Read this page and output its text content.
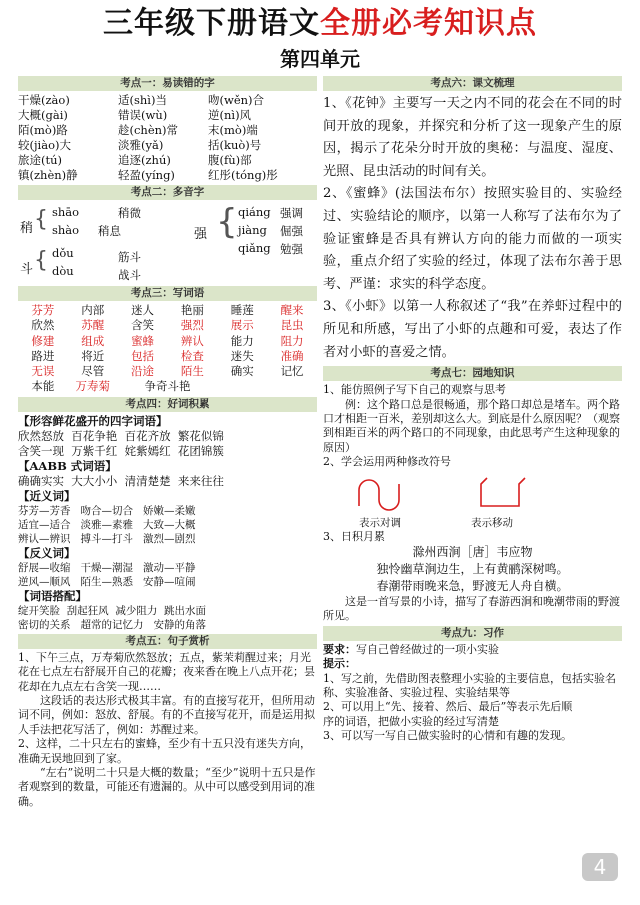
三年级下册语文全册必考知识点
第四单元
考点一：易读错的字
干燥(zào)	适(shì)当	吻(wěn)合
大概(gài)	错误(wù)	逆(nì)风
陌(mò)路	趁(chèn)常	末(mò)端
较(jiào)大	淡雅(yǎ)	括(kuò)号
旅途(tú)	追逐(zhú)	腹(fù)部
镇(zhèn)静	轻盈(yíng)	红彤(tóng)彤
考点二：多音字
稍 { shāo	稍微
shào 稍息
斗 { dǒu	筋斗
dòu	战斗
强 { qiáng 强调
jiàng 倔强
qiǎng 勉强
考点三：写词语
芬芳	内部	迷人	艳丽	睡莲	醒来
欣然	苏醒	含笑	强烈	展示	昆虫
修建	组成	蜜蜂	辨认	能力	阻力
路进	将近	包括	检查	迷失	准确
无误	尽管	沿途	陌生	确实	记忆
本能	万寿菊	争奇斗艳
考点四：好词积累
【形容鲜花盛开的四字词语】
欣然怒放  百花争艳  百花齐放  繁花似锦
含笑一现  万紫千红  姹紫嫣红  花团锦簇
【AABB 式词语】
确确实实  大大小小  清清楚楚  来来往往
【近义词】
芬芳—芳香   吻合—切合   娇嫩—柔嫩
适宜—适合   淡雅—素雅   大致—大概
辨认—辨识   搏斗—打斗   激烈—剧烈
【反义词】
舒展—收缩   干燥—潮湿   激动—平静
逆风—顺风   陌生—熟悉   安静—喧闹
【词语搭配】
绽开笑脸  刮起狂风  减少阻力  跳出水面
密切的关系   超常的记忆力   安静的角落
考点五：句子赏析
1、下午三点，万寿菊欣然怒放；五点，紫茉莉醒过来；月光花在七点左右舒展开自己的花瓣；夜来香在晚上八点开花；昙花却在九点左右含笑一现……
这段话的表达形式极其丰富。有的直接写花开，但所用动词不同，例如：怒放、舒展。有的不直接写花开，而是运用拟人手法把花写活了，例如：苏醒过来。
2、这样，二十只左右的蜜蜂，至少有十五只没有迷失方向，准确无误地回到了家。
“左右”说明二十只是大概的数量；“至少”说明十五只是作者观察到的数量，可能还有遗漏的。从中可以感受到用词的准确。
考点六：课文梳理
1、《花钟》主要写一天之内不同的花会在不同的时间开放的现象，并探究和分析了这一现象产生的原因，揭示了花朵分时开放的奥秘：与温度、湿度、光照、昆虫活动的时间有关。
2、《蜜蜂》(法国法布尔）按照实验目的、实验经过、实验结论的顺序，以第一人称写了法布尔为了验证蜜蜂是否具有辨认方向的能力而做的一项实验，重点介绍了实验的经过，体现了法布尔善于思考、严谨：求实的科学态度。
3、《小虾》以第一人称叙述了“我”在养虾过程中的所见和所感，写出了小虾的点趣和可爱，表达了作者对小虾的喜爱之情。
考点七：园地知识
1、能仿照例子写下自己的观察与思考
例：这个路口总是很畅通，那个路口却总是堵车。两个路口才相距一百米，差别却这么大。到底是什么原因呢？（观察到相距百米的两个路口的不同现象，由此思考产生这种现象的原因）
2、学会运用两种修改符号
表示对调	表示移动
3、日积月累
滁州西涧［唐］韦应物
独怜幽草涧边生，上有黄鹂深树鸣。
春潮带雨晚来急，野渡无人舟自横。
这是一首写景的小诗，描写了春游西涧和晚潮带雨的野渡所见。
考点九：习作
要求：写自己曾经做过的一项小实验
提示：
1、写之前，先借助图表整理小实验的主要信息，包括实验名称、实验准备、实验过程、实验结果等
2、可以用上“先、接着、然后、最后”等表示先后顺序的词语，把做小实验的经过写清楚
3、可以写一写自己做实验时的心情和有趣的发现。
4
